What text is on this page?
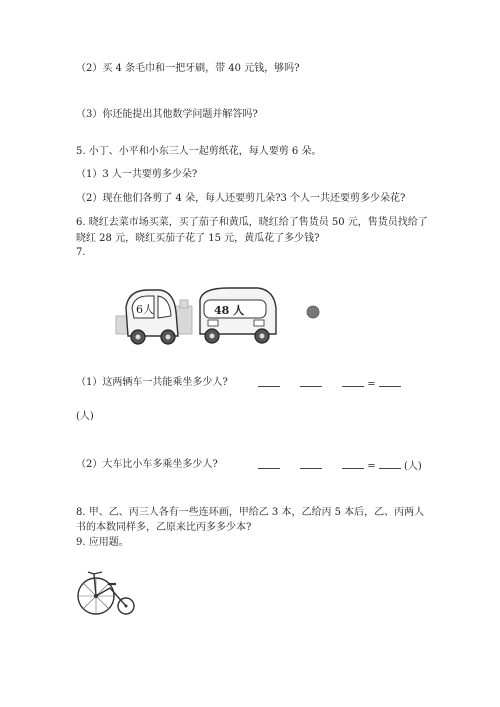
（2）买 4 条毛巾和一把牙刷，带 40 元钱，够吗?
（3）你还能提出其他数学问题并解答吗?
5. 小丁、小平和小东三人一起剪纸花，每人要剪 6 朵。
（1）3 人一共要剪多少朵?
（2）现在他们各剪了 4 朵，每人还要剪几朵?3 个人一共还要剪多少朵花?
6. 晓红去菜市场买菜，买了茄子和黄瓜，晓红给了售货员 50 元，售货员找给了
晓红 28 元，晓红买茄子花了 15 元，黄瓜花了多少钱?
7.
6人	48 人
（1）这两辆车一共能乘坐多少人?	=
(人)
（2）大车比小车多乘坐多少人?	=	(人)
8. 甲、乙、丙三人各有一些连环画，甲给乙 3 本，乙给丙 5 本后，乙、丙两人
书的本数同样多，乙原来比丙多多少本?
9. 应用题。
